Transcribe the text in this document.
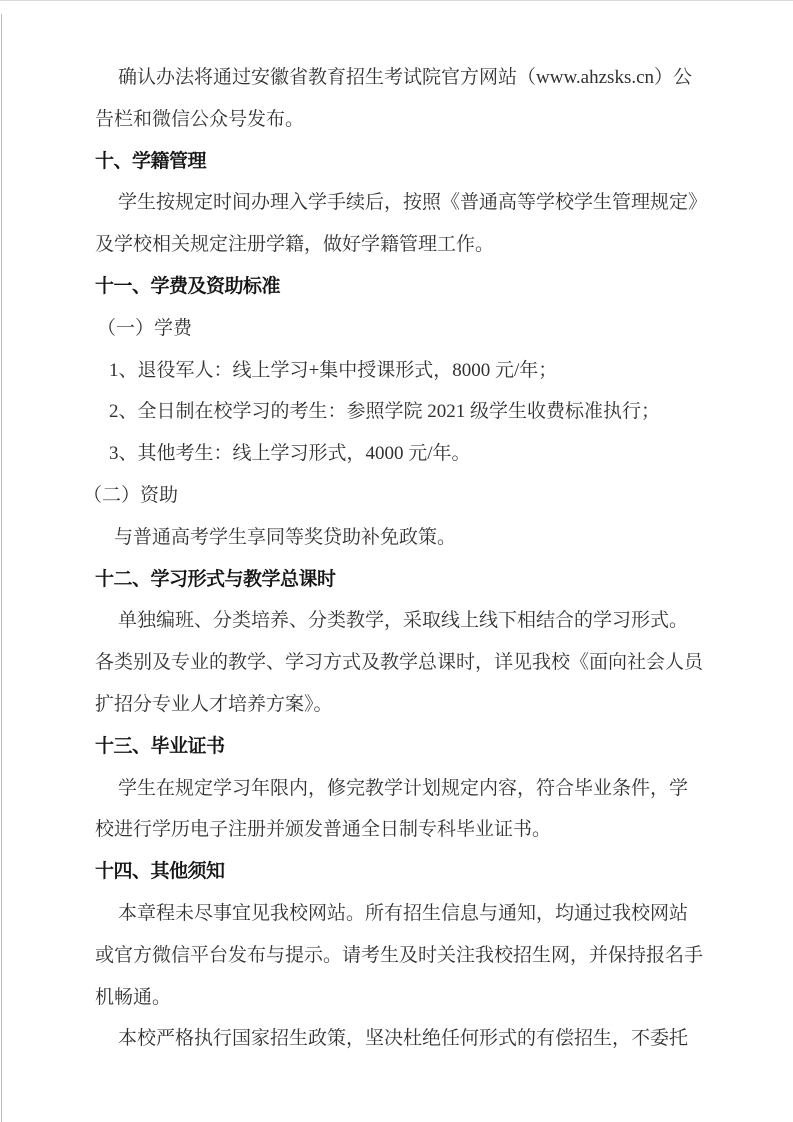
确认办法将通过安徽省教育招生考试院官方网站（www.ahzsks.cn）公
告栏和微信公众号发布。
十、学籍管理
学生按规定时间办理入学手续后，按照《普通高等学校学生管理规定》
及学校相关规定注册学籍，做好学籍管理工作。
十一、学费及资助标准
（一）学费
1、退役军人：线上学习+集中授课形式，8000 元/年；
2、全日制在校学习的考生：参照学院 2021 级学生收费标准执行；
3、其他考生：线上学习形式，4000 元/年。
（二）资助
与普通高考学生享同等奖贷助补免政策。
十二、学习形式与教学总课时
单独编班、分类培养、分类教学，采取线上线下相结合的学习形式。
各类别及专业的教学、学习方式及教学总课时，详见我校《面向社会人员
扩招分专业人才培养方案》。
十三、毕业证书
学生在规定学习年限内，修完教学计划规定内容，符合毕业条件，学
校进行学历电子注册并颁发普通全日制专科毕业证书。
十四、其他须知
本章程未尽事宜见我校网站。所有招生信息与通知，均通过我校网站
或官方微信平台发布与提示。请考生及时关注我校招生网，并保持报名手
机畅通。
本校严格执行国家招生政策，坚决杜绝任何形式的有偿招生，不委托
